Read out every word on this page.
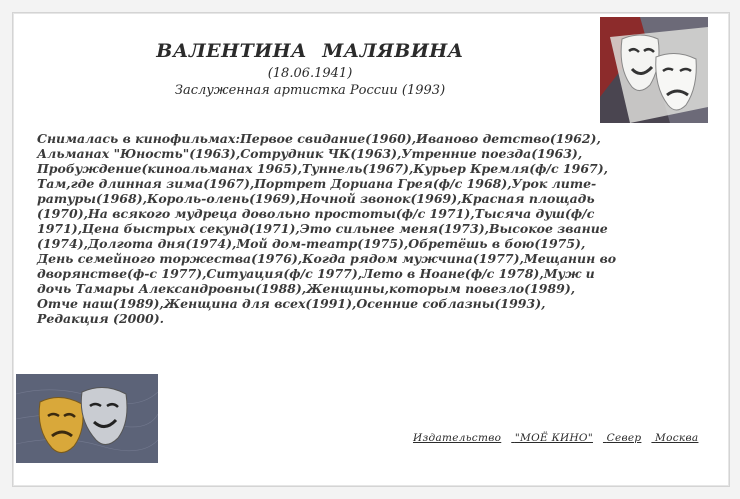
ВАЛЕНТИНА МАЛЯВИНА
(18.06.1941)
Заслуженная артистка России (1993)
Снималась в кинофильмах:Первое свидание(1960),Иваново детство(1962),
Альманах "Юность"(1963),Сотрудник ЧК(1963),Утренние поезда(1963),
Пробуждение(киноальманах 1965),Туннель(1967),Курьер Кремля(ф/с 1967),
Там,где длинная зима(1967),Портрет Дориана Грея(ф/с 1968),Урок лите-
ратуры(1968),Король-олень(1969),Ночной звонок(1969),Красная площадь
(1970),На всякого мудреца довольно простоты(ф/с 1971),Тысяча душ(ф/с
1971),Цена быстрых секунд(1971),Это сильнее меня(1973),Высокое звание
(1974),Долгота дня(1974),Мой дом-театр(1975),Обретёшь в бою(1975),
День семейного торжества(1976),Когда рядом мужчина(1977),Мещанин во
дворянстве(ф-с 1977),Ситуация(ф/с 1977),Лето в Ноане(ф/с 1978),Муж и
дочь Тамары Александровны(1988),Женщины,которым повезло(1989),
Отче наш(1989),Женщина для всех(1991),Осенние соблазны(1993),
Редакция (2000).
Издательство "МОЁ КИНО" Север Москва
